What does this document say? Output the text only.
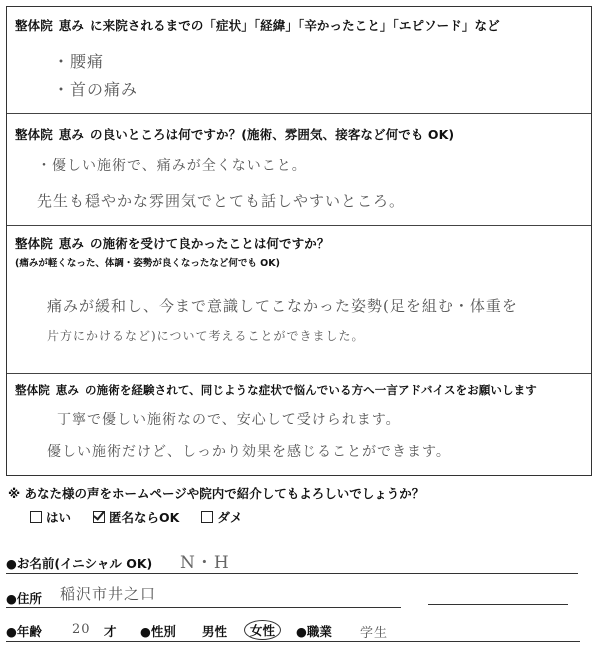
整体院 恵み に来院されるまでの「症状」「経緯」「辛かったこと」「エピソード」など
・腰痛
・首の痛み
整体院 恵み の良いところは何ですか？(施術、雰囲気、接客など何でも OK)
・優しい施術で、痛みが全くないこと。
先生も穏やかな雰囲気でとても話しやすいところ。
整体院 恵み の施術を受けて良かったことは何ですか？
(痛みが軽くなった、体調・姿勢が良くなったなど何でも OK)
痛みが緩和し、今まで意識してこなかった姿勢(足を組む・体重を
片方にかけるなど)について考えることができました。
整体院 恵み の施術を経験されて、同じような症状で悩んでいる方へ一言アドバイスをお願いします
丁寧で優しい施術なので、安心して受けられます。
優しい施術だけど、しっかり効果を感じることができます。
※ あなた様の声をホームページや院内で紹介してもよろしいでしょうか？
はい	匿名ならOK	ダメ
●お名前(イニシャル OK) N・H
●住所 稲沢市井之口
●年齢 20 才 ●性別 男性 女性	●職業 学生
